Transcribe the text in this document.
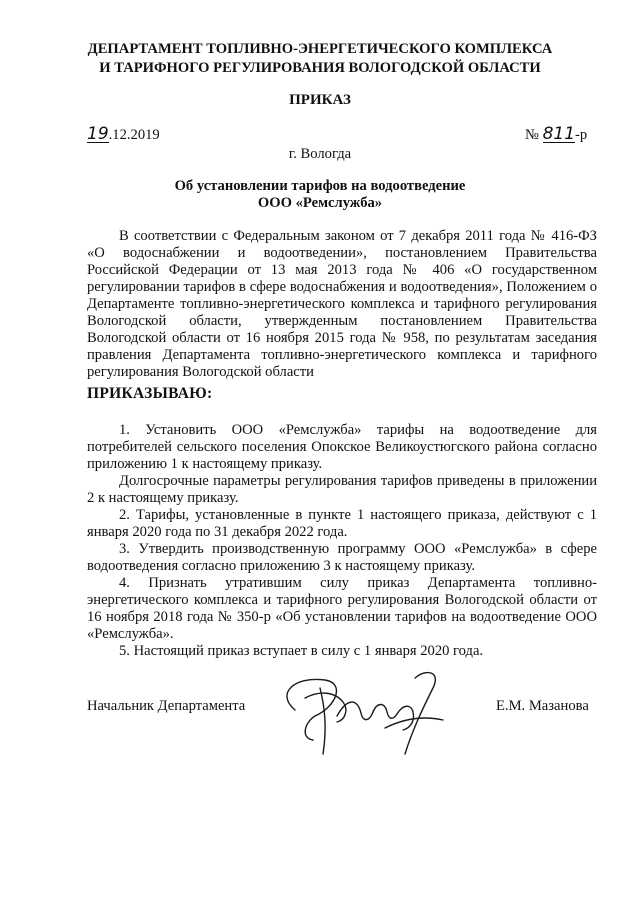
ДЕПАРТАМЕНТ ТОПЛИВНО-ЭНЕРГЕТИЧЕСКОГО КОМПЛЕКСА
И ТАРИФНОГО РЕГУЛИРОВАНИЯ ВОЛОГОДСКОЙ ОБЛАСТИ
ПРИКАЗ
19.12.2019	№ 811-р
г. Вологда
Об установлении тарифов на водоотведение
ООО «Ремслужба»

В соответствии с Федеральным законом от 7 декабря 2011 года № 416-ФЗ «О водоснабжении и водоотведении», постановлением Правительства Российской Федерации от 13 мая 2013 года № 406 «О государственном регулировании тарифов в сфере водоснабжения и водоотведения», Положением о Департаменте топливно-энергетического комплекса и тарифного регулирования Вологодской области, утвержденным постановлением Правительства Вологодской области от 16 ноября 2015 года № 958, по результатам заседания правления Департамента топливно-энергетического комплекса и тарифного регулирования Вологодской области

ПРИКАЗЫВАЮ:

1. Установить ООО «Ремслужба» тарифы на водоотведение для потребителей сельского поселения Опокское Великоустюгского района согласно приложению 1 к настоящему приказу.

Долгосрочные параметры регулирования тарифов приведены в приложении 2 к настоящему приказу.

2. Тарифы, установленные в пункте 1 настоящего приказа, действуют с 1 января 2020 года по 31 декабря 2022 года.

3. Утвердить производственную программу ООО «Ремслужба» в сфере водоотведения согласно приложению 3 к настоящему приказу.

4. Признать утратившим силу приказ Департамента топливно-энергетического комплекса и тарифного регулирования Вологодской области от 16 ноября 2018 года № 350-р «Об установлении тарифов на водоотведение ООО «Ремслужба».

5. Настоящий приказ вступает в силу с 1 января 2020 года.

Начальник Департамента	Е.М. Мазанова
